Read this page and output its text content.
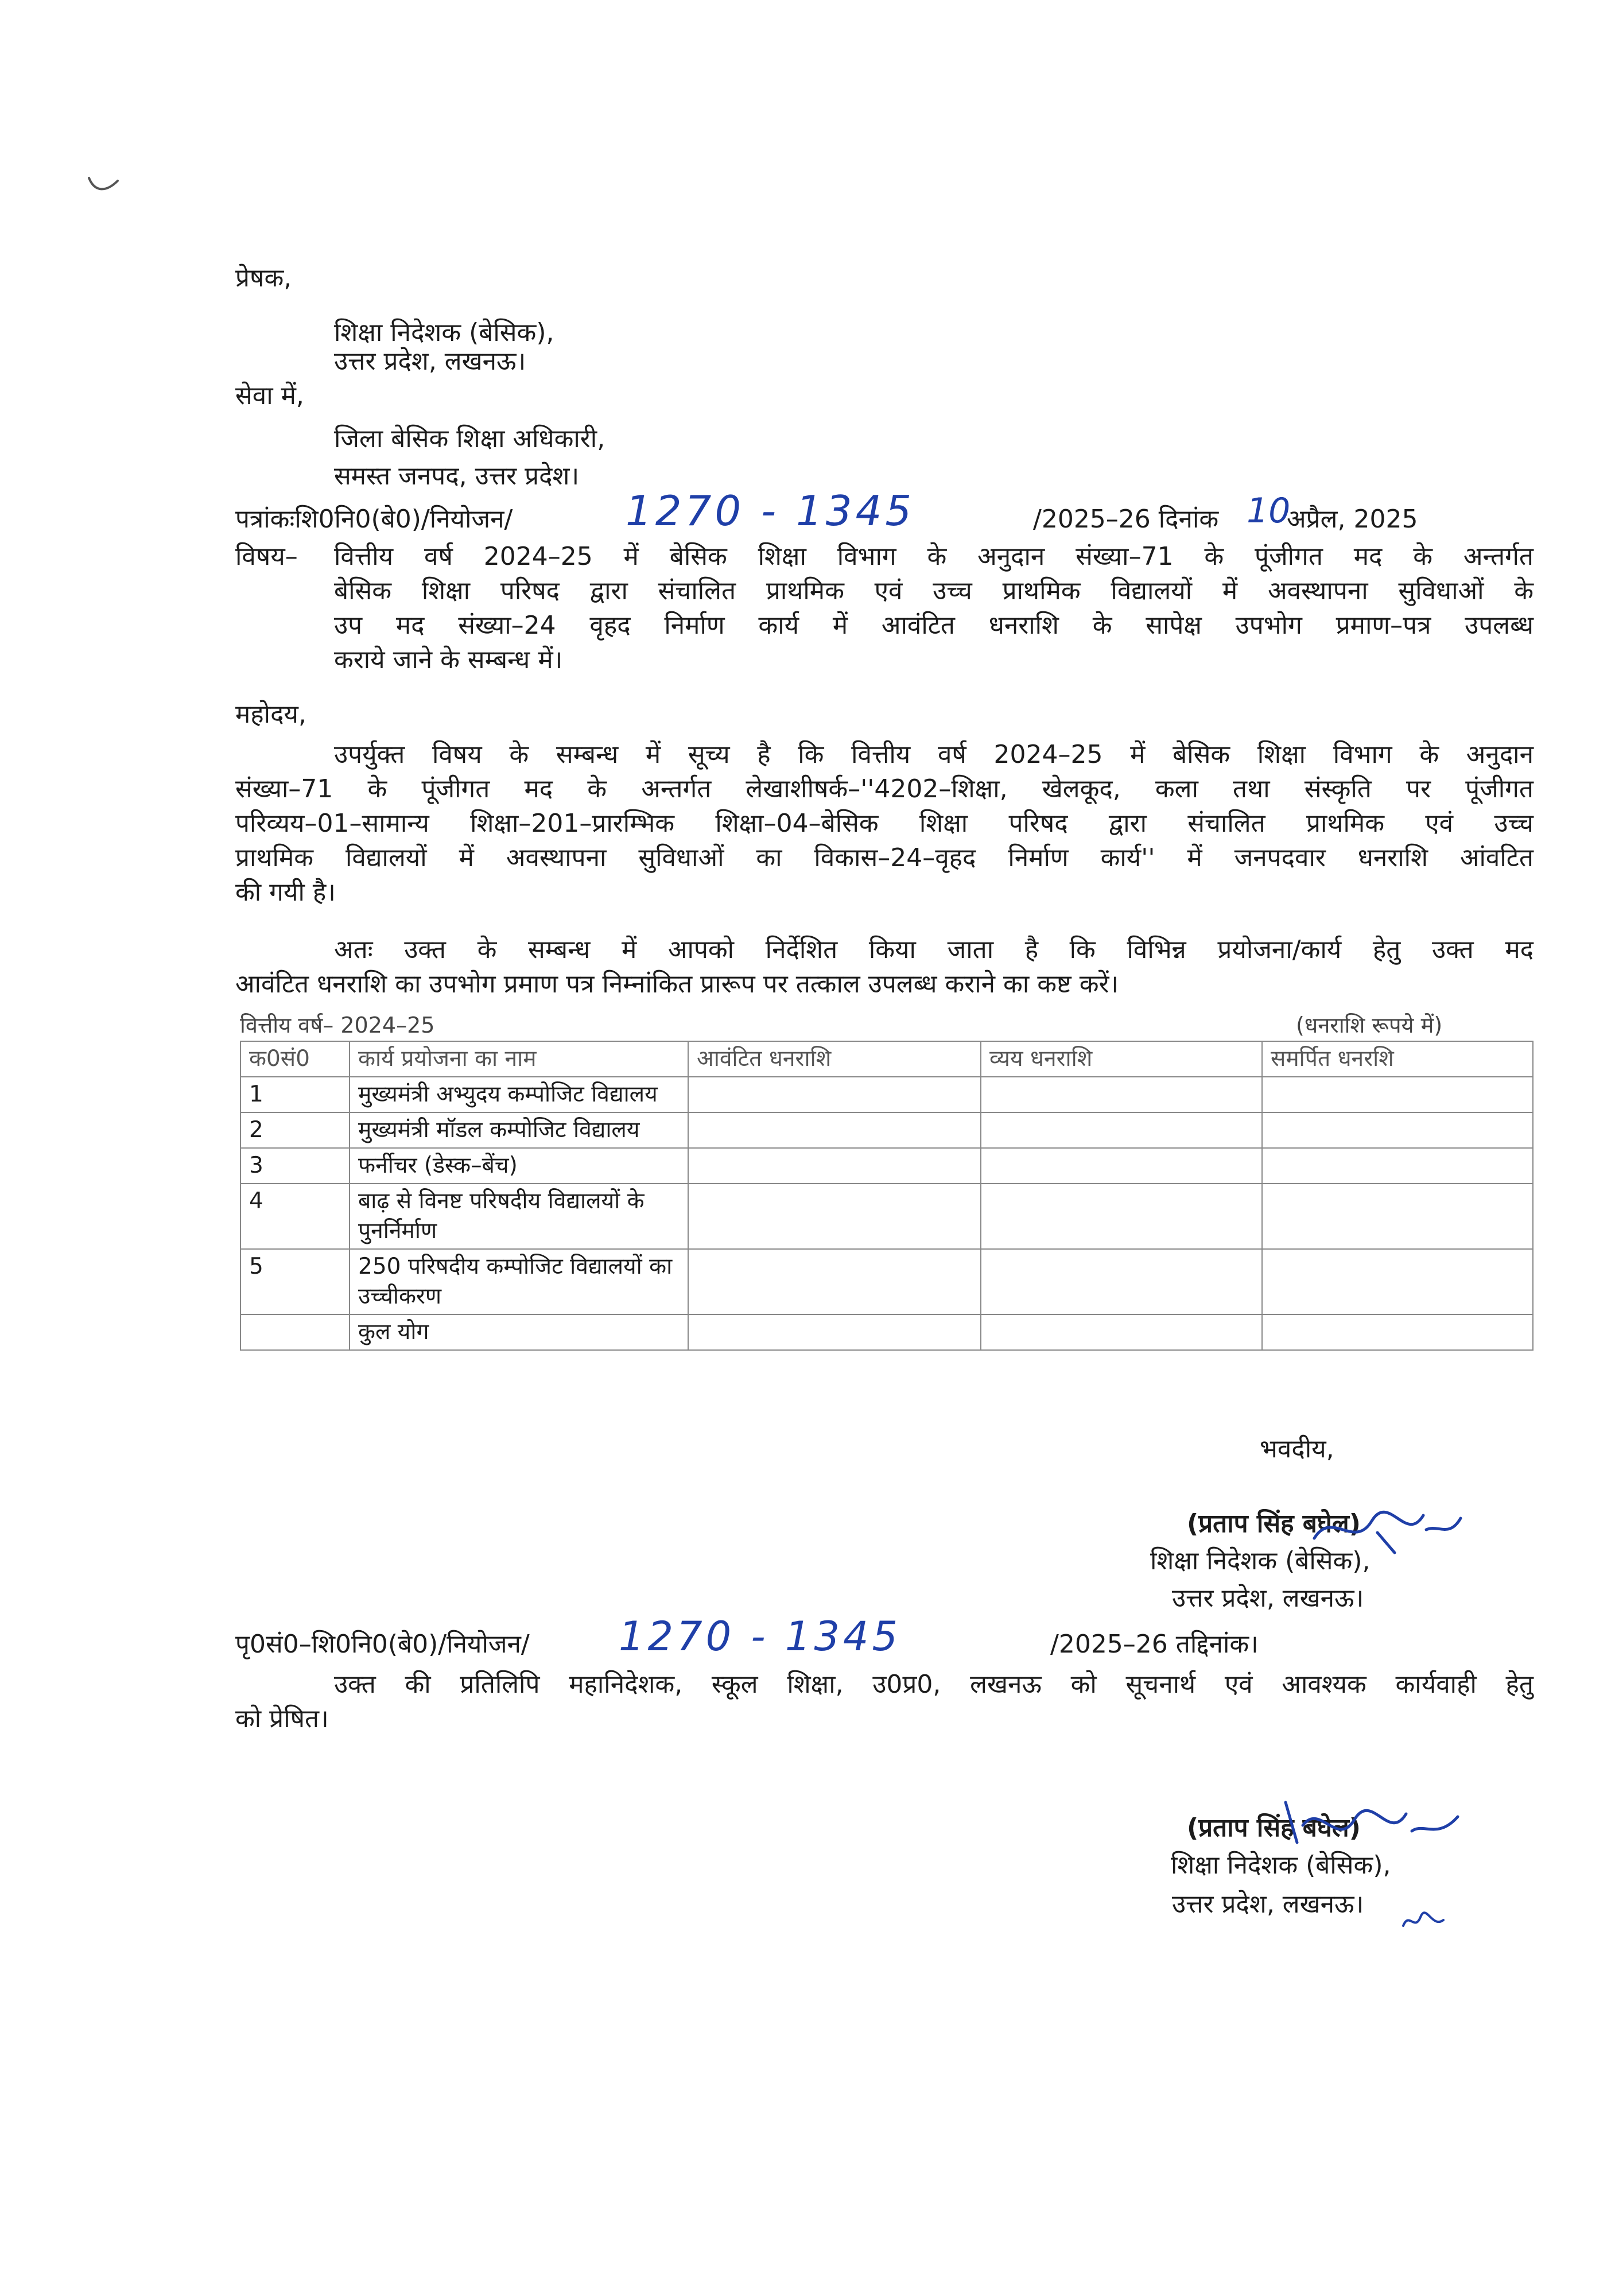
प्रेषक,
शिक्षा निदेशक (बेसिक),
उत्तर प्रदेश, लखनऊ।
सेवा में,
जिला बेसिक शिक्षा अधिकारी,
समस्त जनपद, उत्तर प्रदेश।
पत्रांकःशि0नि0(बे0)/नियोजन/	1270 - 1345	/2025–26 दिनांक 10
अप्रैल, 2025
विषय– वित्तीय वर्ष 2024–25 में बेसिक शिक्षा विभाग के अनुदान संख्या–71 के पूंजीगत मद के अन्तर्गत
बेसिक शिक्षा परिषद द्वारा संचालित प्राथमिक एवं उच्च प्राथमिक विद्यालयों में अवस्थापना सुविधाओं के
उप मद संख्या–24 वृहद निर्माण कार्य में आवंटित धनराशि के सापेक्ष उपभोग प्रमाण–पत्र उपलब्ध
कराये जाने के सम्बन्ध में।
महोदय,
उपर्युक्त विषय के सम्बन्ध में सूच्य है कि वित्तीय वर्ष 2024–25 में बेसिक शिक्षा विभाग के अनुदान
संख्या–71 के पूंजीगत मद के अन्तर्गत लेखाशीषर्क–''4202–शिक्षा, खेलकूद, कला तथा संस्कृति पर पूंजीगत
परिव्यय–01–सामान्य शिक्षा–201–प्रारम्भिक शिक्षा–04–बेसिक शिक्षा परिषद द्वारा संचालित प्राथमिक एवं उच्च
प्राथमिक विद्यालयों में अवस्थापना सुविधाओं का विकास–24–वृहद निर्माण कार्य'' में जनपदवार धनराशि आंवटित
की गयी है।
अतः उक्त के सम्बन्ध में आपको निर्देशित किया जाता है कि विभिन्न प्रयोजना/कार्य हेतु उक्त मद
आवंटित धनराशि का उपभोग प्रमाण पत्र निम्नांकित प्रारूप पर तत्काल उपलब्ध कराने का कष्ट करें।
वित्तीय वर्ष– 2024–25	(धनराशि रूपये में)
क0सं0	कार्य प्रयोजना का नाम	आवंटित धनराशि	व्यय धनराशि	समर्पित धनरशि
1	मुख्यमंत्री अभ्युदय कम्पोजिट विद्यालय			
2	मुख्यमंत्री मॉडल कम्पोजिट विद्यालय			
3	फर्नीचर (डेस्क–बेंच)			
4	बाढ़ से विनष्ट परिषदीय विद्यालयों के पुनर्निर्माण			
5	250 परिषदीय कम्पोजिट विद्यालयों का उच्चीकरण			
	कुल योग			
भवदीय,
(प्रताप सिंह बघेल)
शिक्षा निदेशक (बेसिक),
उत्तर प्रदेश, लखनऊ।
पृ0सं0–शि0नि0(बे0)/नियोजन/ 1270 - 1345	/2025–26 तद्दिनांक।
उक्त की प्रतिलिपि महानिदेशक, स्कूल शिक्षा, उ0प्र0, लखनऊ को सूचनार्थ एवं आवश्यक कार्यवाही हेतु
को प्रेषित।
(प्रताप सिंह बघेल)
शिक्षा निदेशक (बेसिक),
उत्तर प्रदेश, लखनऊ।
